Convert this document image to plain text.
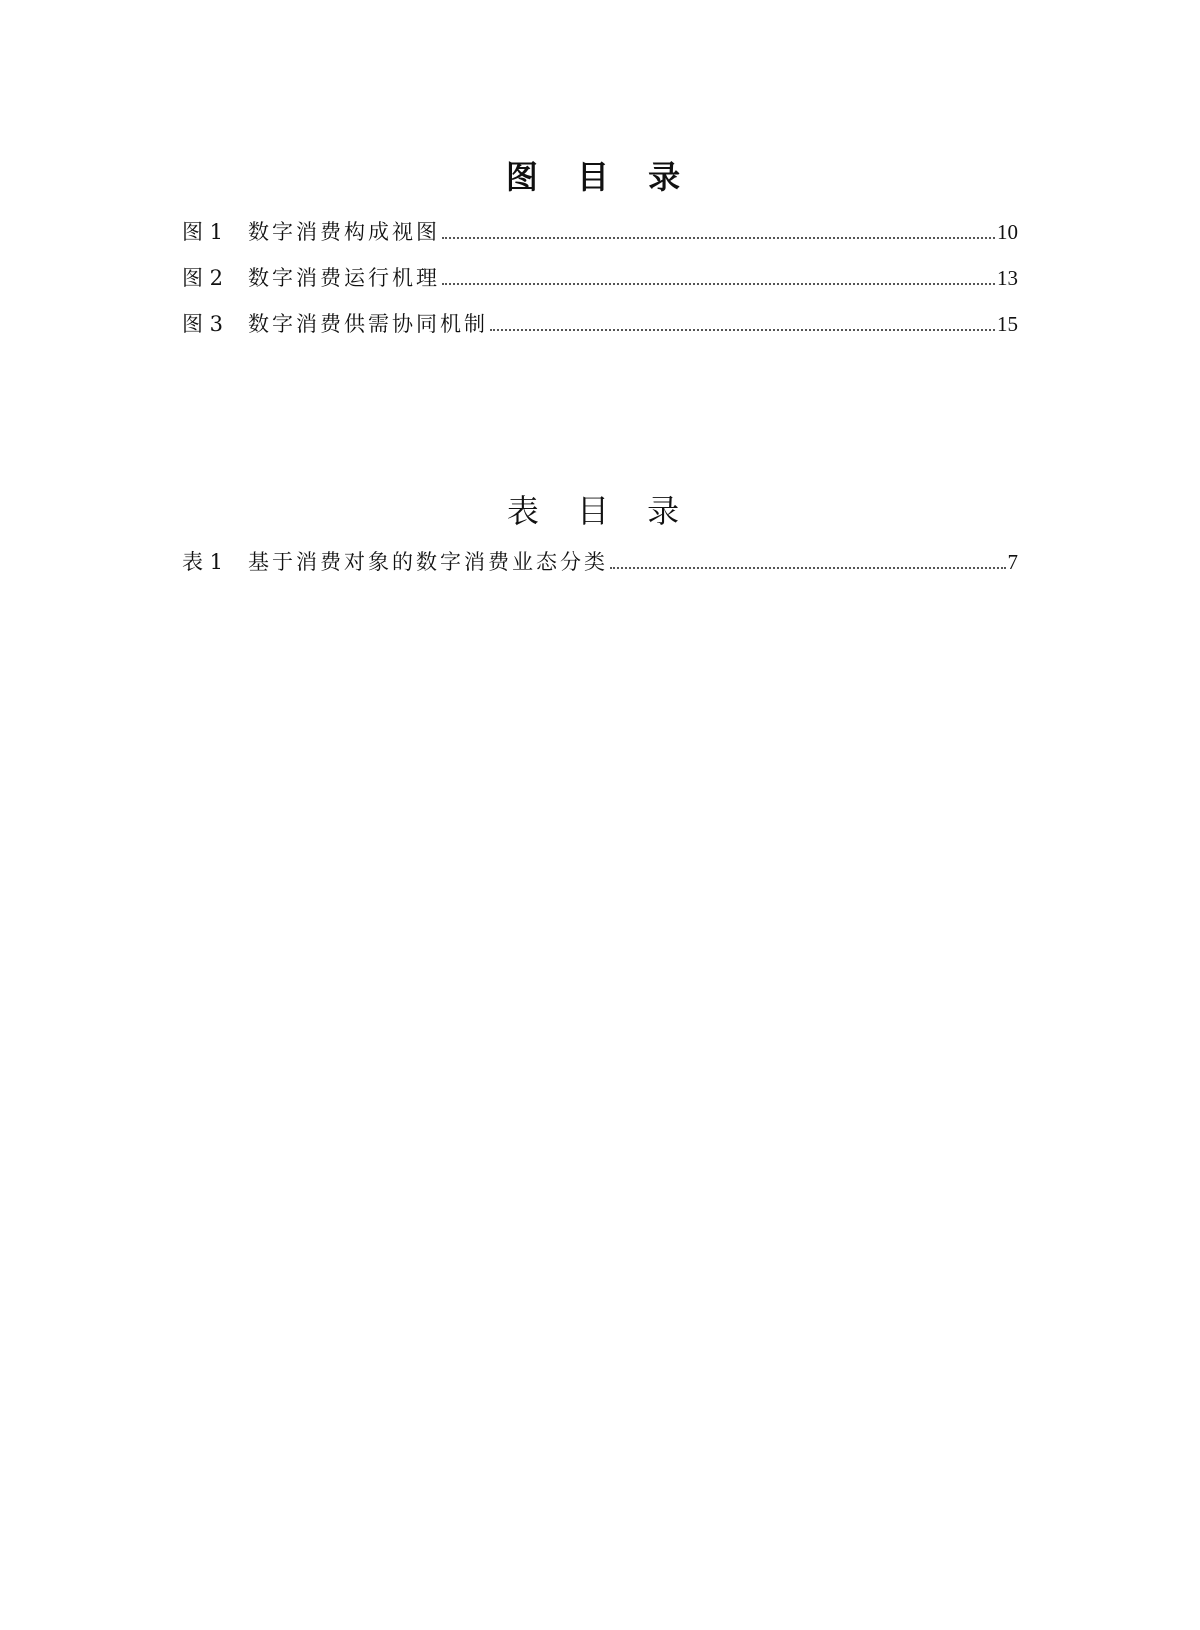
图 目 录
图 1	数字消费构成视图	10
图 2	数字消费运行机理	13
图 3	数字消费供需协同机制	15
表 目 录
表 1	基于消费对象的数字消费业态分类	7
